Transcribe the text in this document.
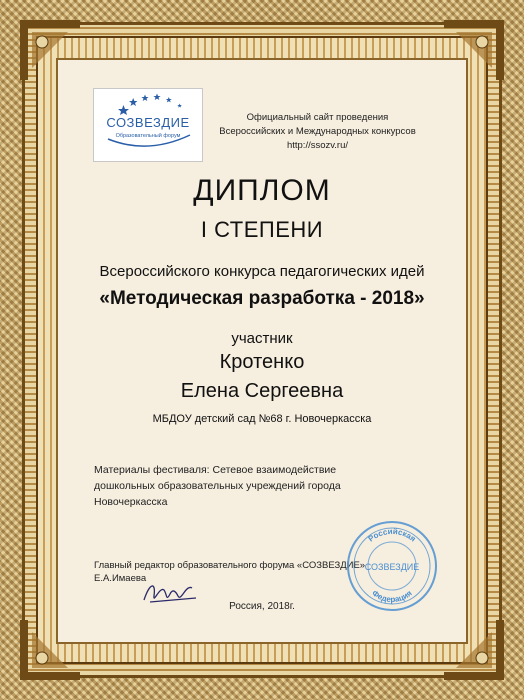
СОЗВЕЗДИЕ
Образовательный форум
Официальный сайт проведения
Всероссийских и Международных конкурсов
http://ssozv.ru/
ДИПЛОМ
I СТЕПЕНИ
Всероссийского конкурса педагогических идей
«Методическая разработка - 2018»
участник
Кротенко
Елена Сергеевна
МБДОУ детский сад №68 г. Новочеркасска
Материалы фестиваля: Сетевое взаимодействие
дошкольных образовательных учреждений города
Новочеркасска
Главный редактор образовательного форума «СОЗВЕЗДИЕ»
Е.А.Имаева
Россия, 2018г.
Российская
СОЗВЕЗДИЕ
Федерация
